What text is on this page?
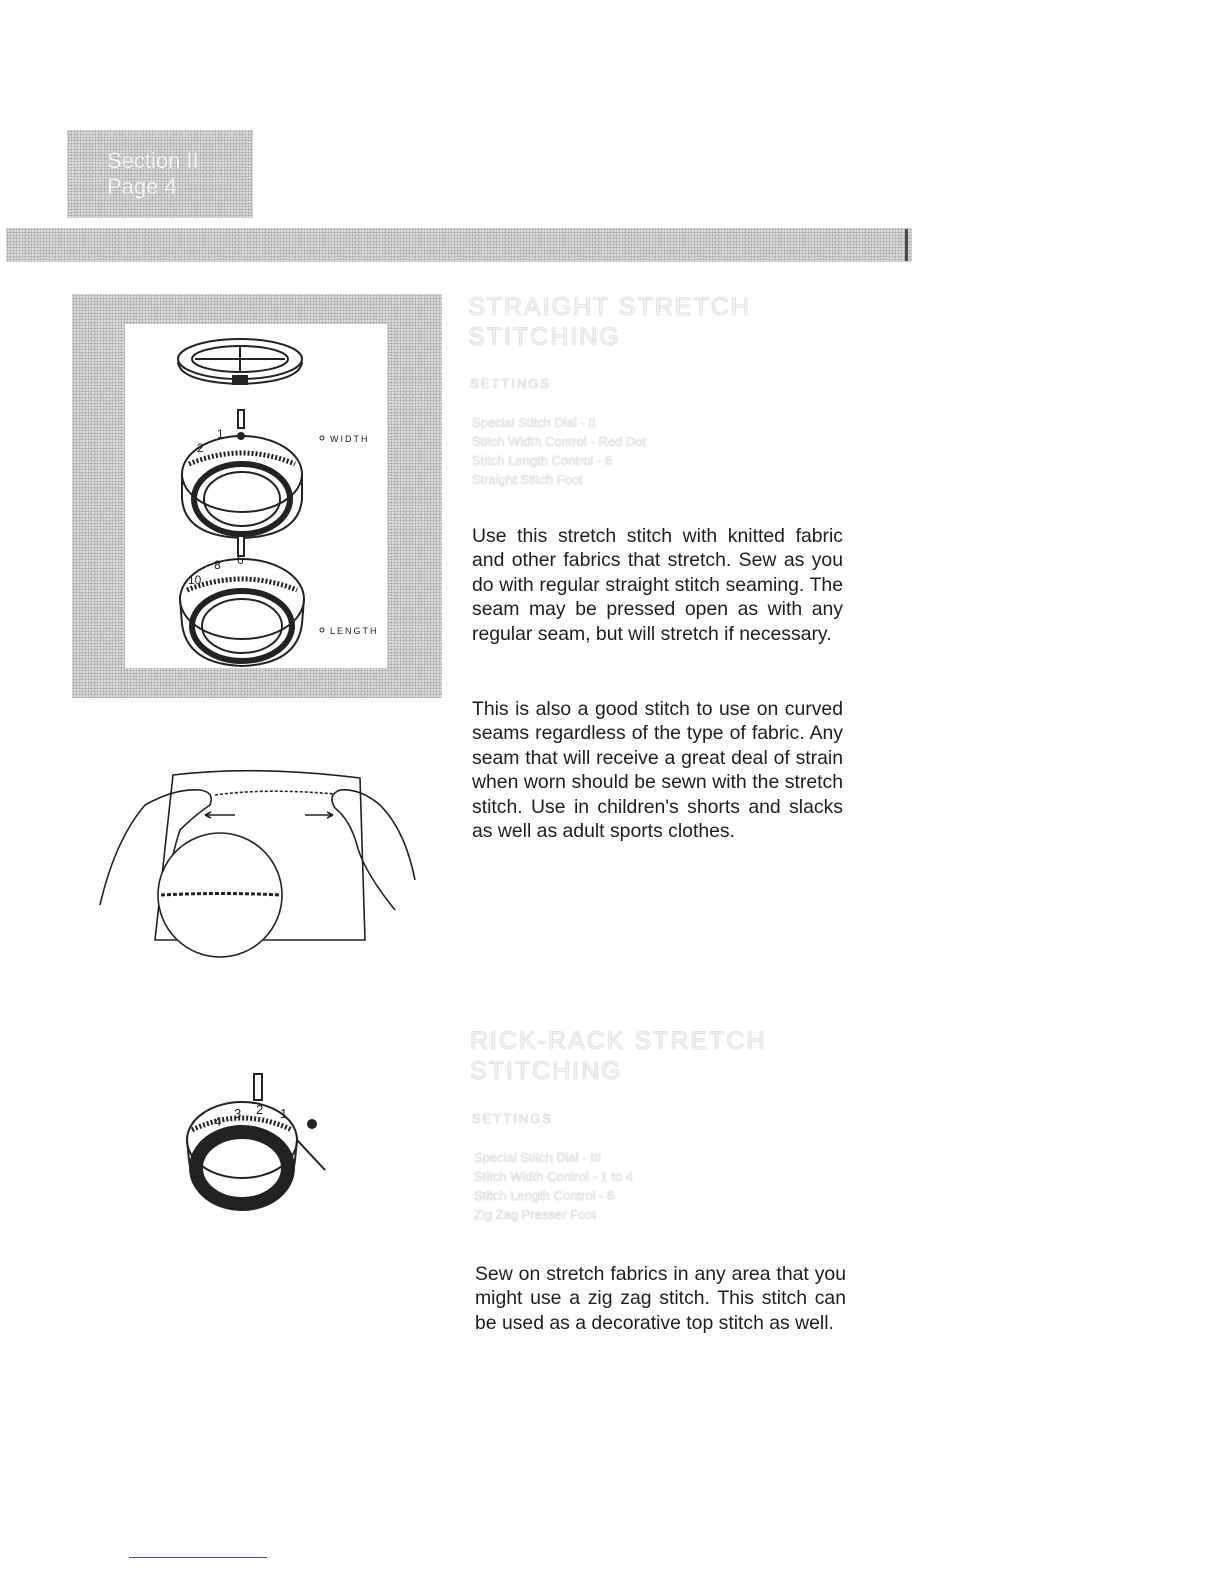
Section II
Page 4
2
1	WIDTH
10
8 6
LENGTH
4
3 2 1
STRAIGHT STRETCH
STITCHING
SETTINGS
Special Stitch Dial - II
Stitch Width Control - Red Dot
Stitch Length Control - 6
Straight Stitch Foot

Use this stretch stitch with knitted fabric and other fabrics that stretch. Sew as you do with regular straight stitch seaming. The seam may be pressed open as with any regular seam, but will stretch if necessary.

This is also a good stitch to use on curved seams regardless of the type of fabric. Any seam that will receive a great deal of strain when worn should be sewn with the stretch stitch. Use in children's shorts and slacks as well as adult sports clothes.

RICK-RACK STRETCH
STITCHING
SETTINGS
Special Stitch Dial - III
Stitch Width Control - 1 to 4
Stitch Length Control - 6
Zig Zag Presser Foot

Sew on stretch fabrics in any area that you might use a zig zag stitch. This stitch can be used as a decorative top stitch as well.
